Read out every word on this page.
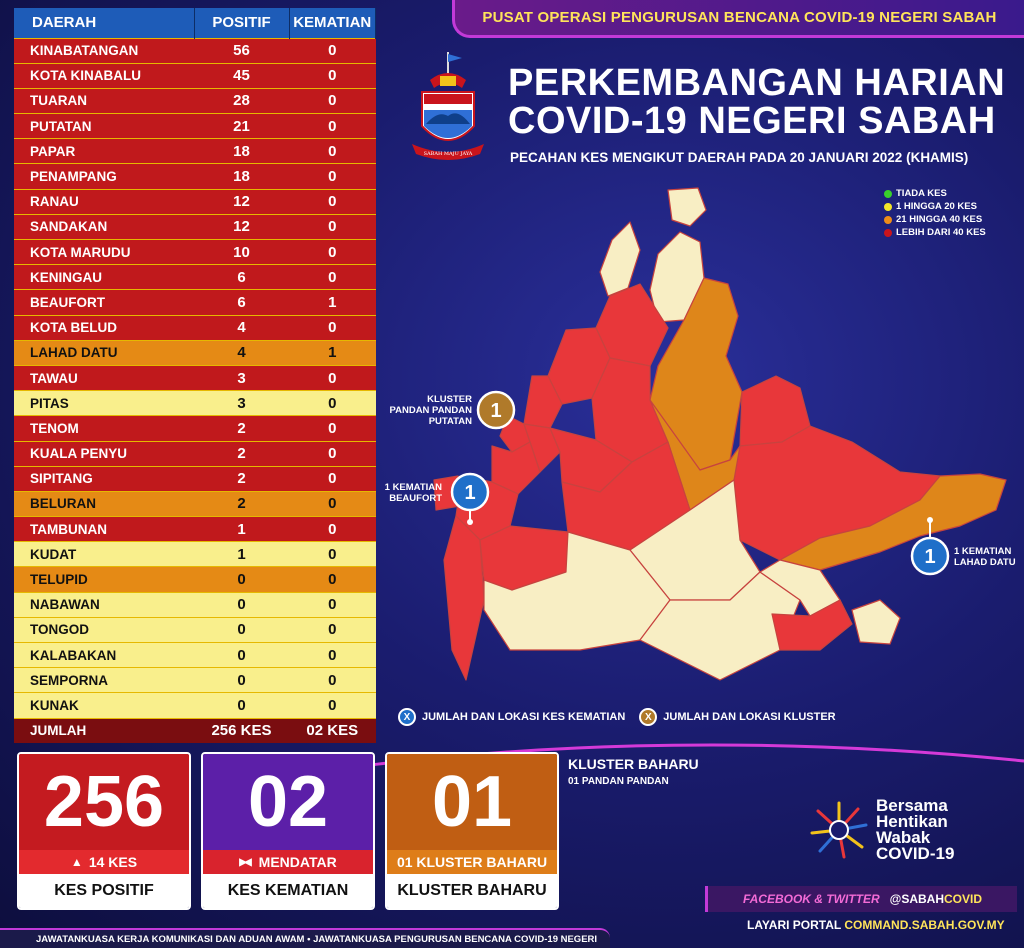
DAERAH	POSITIF	KEMATIAN
KINABATANGAN	56	0
KOTA KINABALU	45	0
TUARAN	28	0
PUTATAN	21	0
PAPAR	18	0
PENAMPANG	18	0
RANAU	12	0
SANDAKAN	12	0
KOTA MARUDU	10	0
KENINGAU	6	0
BEAUFORT	6	1
KOTA BELUD	4	0
LAHAD DATU	4	1
TAWAU	3	0
PITAS	3	0
TENOM	2	0
KUALA PENYU	2	0
SIPITANG	2	0
BELURAN	2	0
TAMBUNAN	1	0
KUDAT	1	0
TELUPID	0	0
NABAWAN	0	0
TONGOD	0	0
KALABAKAN	0	0
SEMPORNA	0	0
KUNAK	0	0
JUMLAH	256 KES	02 KES
PUSAT OPERASI PENGURUSAN BENCANA COVID-19 NEGERI SABAH
SABAH MAJU JAYA
PERKEMBANGAN HARIAN
COVID-19 NEGERI SABAH
PECAHAN KES MENGIKUT DAERAH PADA 20 JANUARI 2022 (KHAMIS)
TIADA KES
1 HINGGA 20 KES
21 HINGGA 40 KES
LEBIH DARI 40 KES
1
1
1
KLUSTER
PANDAN PANDAN
PUTATAN
1 KEMATIAN
BEAUFORT
1 KEMATIAN
LAHAD DATU
X	JUMLAH DAN LOKASI KES KEMATIAN	X	JUMLAH DAN LOKASI KLUSTER
256
▲ 14 KES
KES POSITIF
02
▶◀ MENDATAR
KES KEMATIAN
01
01 KLUSTER BAHARU
KLUSTER BAHARU
KLUSTER BAHARU
01 PANDAN PANDAN
Bersama
Hentikan
Wabak
COVID-19
FACEBOOK & TWITTER @SABAHCOVID
LAYARI PORTAL COMMAND.SABAH.GOV.MY
JAWATANKUASA KERJA KOMUNIKASI DAN ADUAN AWAM • JAWATANKUASA PENGURUSAN BENCANA COVID-19 NEGERI
